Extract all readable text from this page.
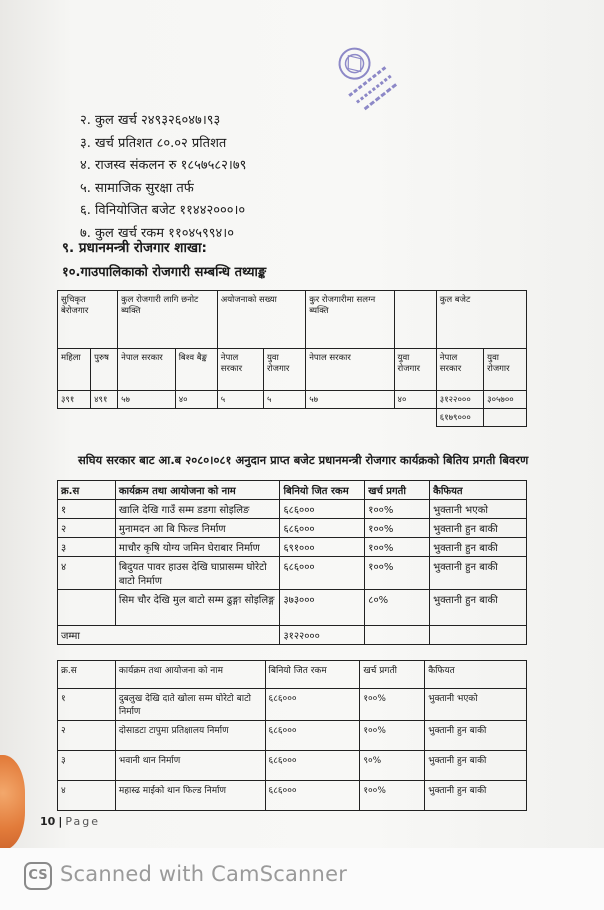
२. कुल खर्च २४९३२६०४७।९३
३. खर्च प्रतिशत ८०.०२ प्रतिशत
४. राजस्व संकलन रु १८५७५८२।७९
५. सामाजिक सुरक्षा तर्फ
६. विनियोजित बजेट ११४४२०००।०
७. कुल खर्च रकम ११०४५९९४।०
९. प्रधानमन्त्री रोजगार शाखा:
१०.गाउपालिकाको रोजगारी सम्बन्धि तथ्याङ्क
सुचिकृत बेरोजगार		कुल रोजगारी लागि छनोट ब्यक्ति		अयोजनाको सख्या		कुर रोजगारीमा सलग्न ब्यक्ति		कुल बजेट	
महिला	पुरुष	नेपाल सरकार	बिश्व बैङ्क	नेपाल सरकार	युवा रोजगार	नेपाल सरकार	युवा रोजगार	नेपाल सरकार	युवा रोजगार
३९१	४९१	५७	४०	५	५	५७	४०	३१२२०००	३०५७००
								६१७९०००	
सघिय सरकार बाट आ.ब २०८०।०८१ अनुदान प्राप्त बजेट प्रधानमन्त्री रोजगार कार्यक्रको बितिय प्रगती बिवरण
क्र.स	कार्यक्रम तथा आयोजना को नाम	बिनियो जित रकम	खर्च प्रगती	कैफियत
१	खालि देखि गाउँ सम्म डडगा सोइलिङ	६८६०००	१००%	भुक्तानी भएको
२	मुनामदन आ बि फिल्ड निर्माण	६८६०००	१००%	भुक्तानी हुन बाकी
३	माचौर कृषि योग्य जमिन घेराबार निर्माण	६९१०००	१००%	भुक्तानी हुन बाकी
४	बिदुयत पावर हाउस देखि घाप्रासम्म घोरेटो बाटो निर्माण	६८६०००	१००%	भुक्तानी हुन बाकी
	सिम चौर देखि मुल बाटो सम्म ढुङ्गा सोइलिङ्ग	३७३०००	८०%	भुक्तानी हुन बाकी
जम्मा		३१२२०००		
क्र.स	कार्यक्रम तथा आयोजना को नाम	बिनियो जित रकम	खर्च प्रगती	कैफियत
१	दुबलुख देखि दाते खोला सम्म घोरेटो बाटो निर्माण	६८६०००	१००%	भुक्तानी भएको
२	दोसाडटा टापुमा प्रतिक्षालय निर्माण	६८६०००	१००%	भुक्तानी हुन बाकी
३	भवानी थान निर्माण	६८६०००	९०%	भुक्तानी हुन बाकी
४	महास्ढ माईको थान फिल्ड निर्माण	६८६०००	१००%	भुक्तानी हुन बाकी
10 | Page
CS Scanned with CamScanner
